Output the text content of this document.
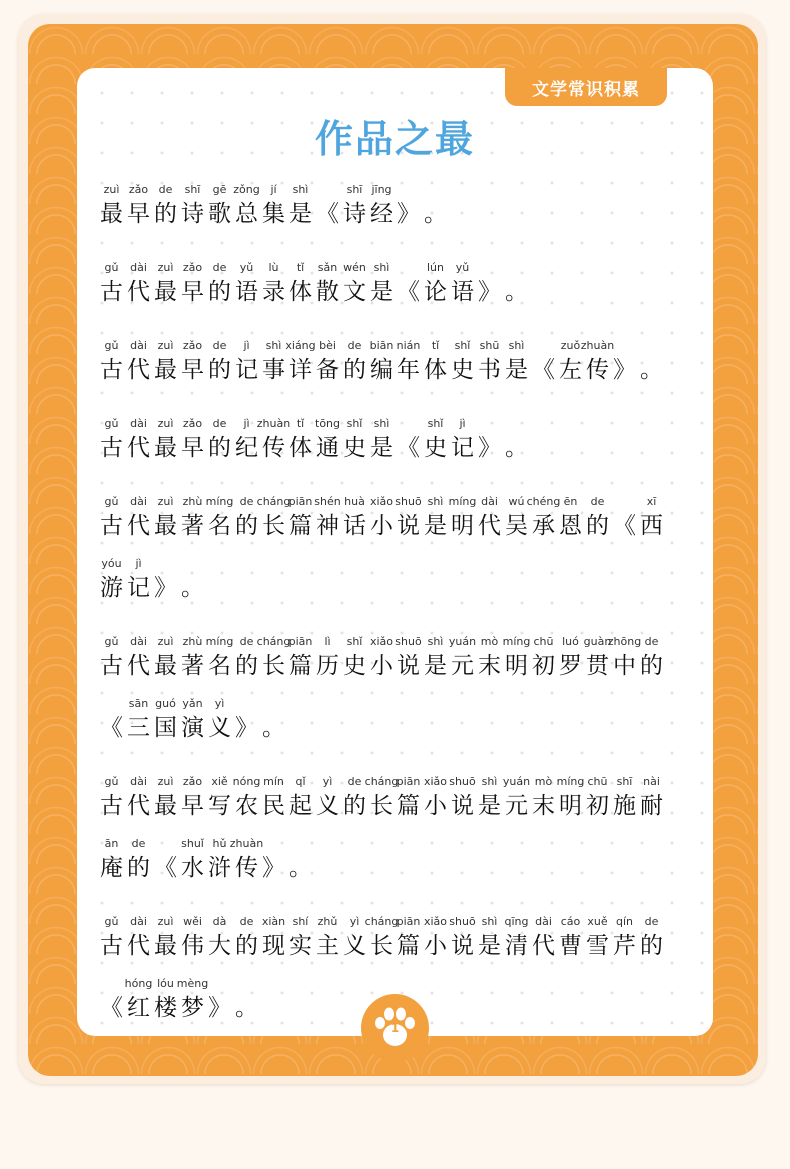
文学常识积累
作品之最
zuì
最
zǎo
早
de
的
shī
诗
gē
歌
zǒng
总
jí
集
shì
是 《
shī
诗
jīng
经 》 。
gǔ
古
dài
代
zuì
最
zǎo
早
de
的
yǔ
语
lù
录
tǐ
体
sǎn
散
wén
文
shì
是 《
lún
论
yǔ
语 》 。
gǔ
古
dài
代
zuì
最
zǎo
早
de
的
jì
记
shì
事
xiáng
详
bèi
备
de
的
biān
编
nián
年
tǐ
体
shǐ
史
shū
书
shì
是 《
zuǒ
左
zhuàn
传 》 。
gǔ
古
dài
代
zuì
最
zǎo
早
de
的
jì
纪
zhuàn
传
tǐ
体
tōng
通
shǐ
史
shì
是 《
shǐ
史
jì
记 》 。
gǔ
古
dài
代
zuì
最
zhù
著
míng
名
de
的
cháng
长
piān
篇
shén
神
huà
话
xiǎo
小
shuō
说
shì
是
míng
明
dài
代
wú
吴
chéng
承
ēn
恩
de
的 《
xī
西
yóu
游
jì
记 》 。
gǔ
古
dài
代
zuì
最
zhù
著
míng
名
de
的
cháng
长
piān
篇
lì
历
shǐ
史
xiǎo
小
shuō
说
shì
是
yuán
元
mò
末
míng
明
chū
初
luó
罗
guàn
贯
zhōng
中
de
的
《
sān
三
guó
国
yǎn
演
yì
义 》 。
gǔ
古
dài
代
zuì
最
zǎo
早
xiě
写
nóng
农
mín
民
qǐ
起
yì
义
de
的
cháng
长
piān
篇
xiǎo
小
shuō
说
shì
是
yuán
元
mò
末
míng
明
chū
初
shī
施
nài
耐
ān
庵
de
的 《
shuǐ
水
hǔ
浒
zhuàn
传 》 。
gǔ
古
dài
代
zuì
最
wěi
伟
dà
大
de
的
xiàn
现
shí
实
zhǔ
主
yì
义
cháng
长
piān
篇
xiǎo
小
shuō
说
shì
是
qīng
清
dài
代
cáo
曹
xuě
雪
qín
芹
de
的
《
hóng
红
lóu
楼
mèng
梦 》 。
1
